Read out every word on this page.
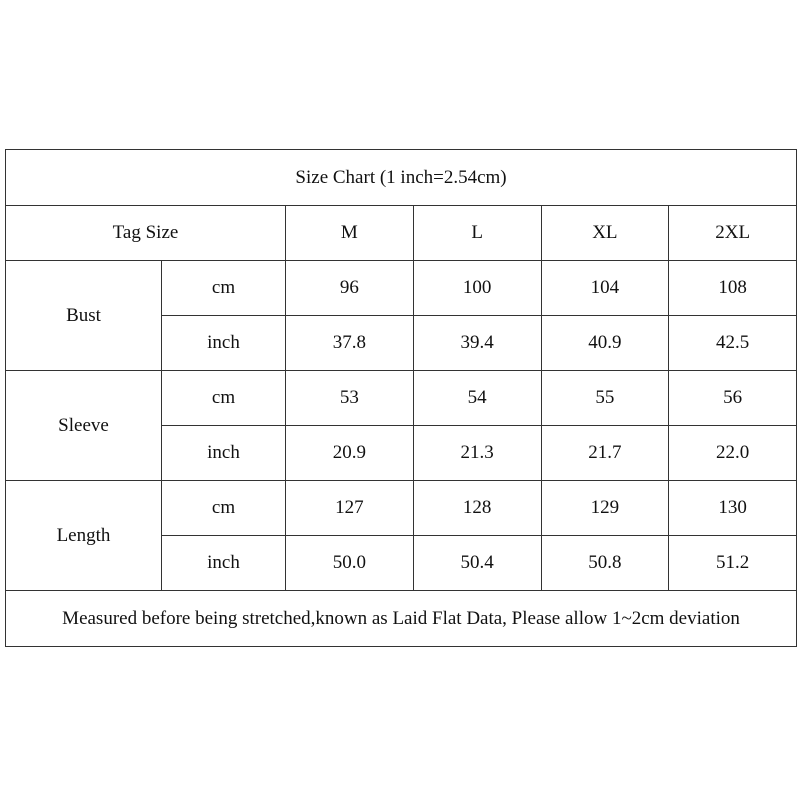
Size Chart (1 inch=2.54cm)					
Tag Size		M	L	XL	2XL
Bust	cm	96	100	104	108
	inch	37.8	39.4	40.9	42.5
Sleeve	cm	53	54	55	56
	inch	20.9	21.3	21.7	22.0
Length	cm	127	128	129	130
	inch	50.0	50.4	50.8	51.2
Measured before being stretched,known as Laid Flat Data, Please allow 1~2cm deviation					
